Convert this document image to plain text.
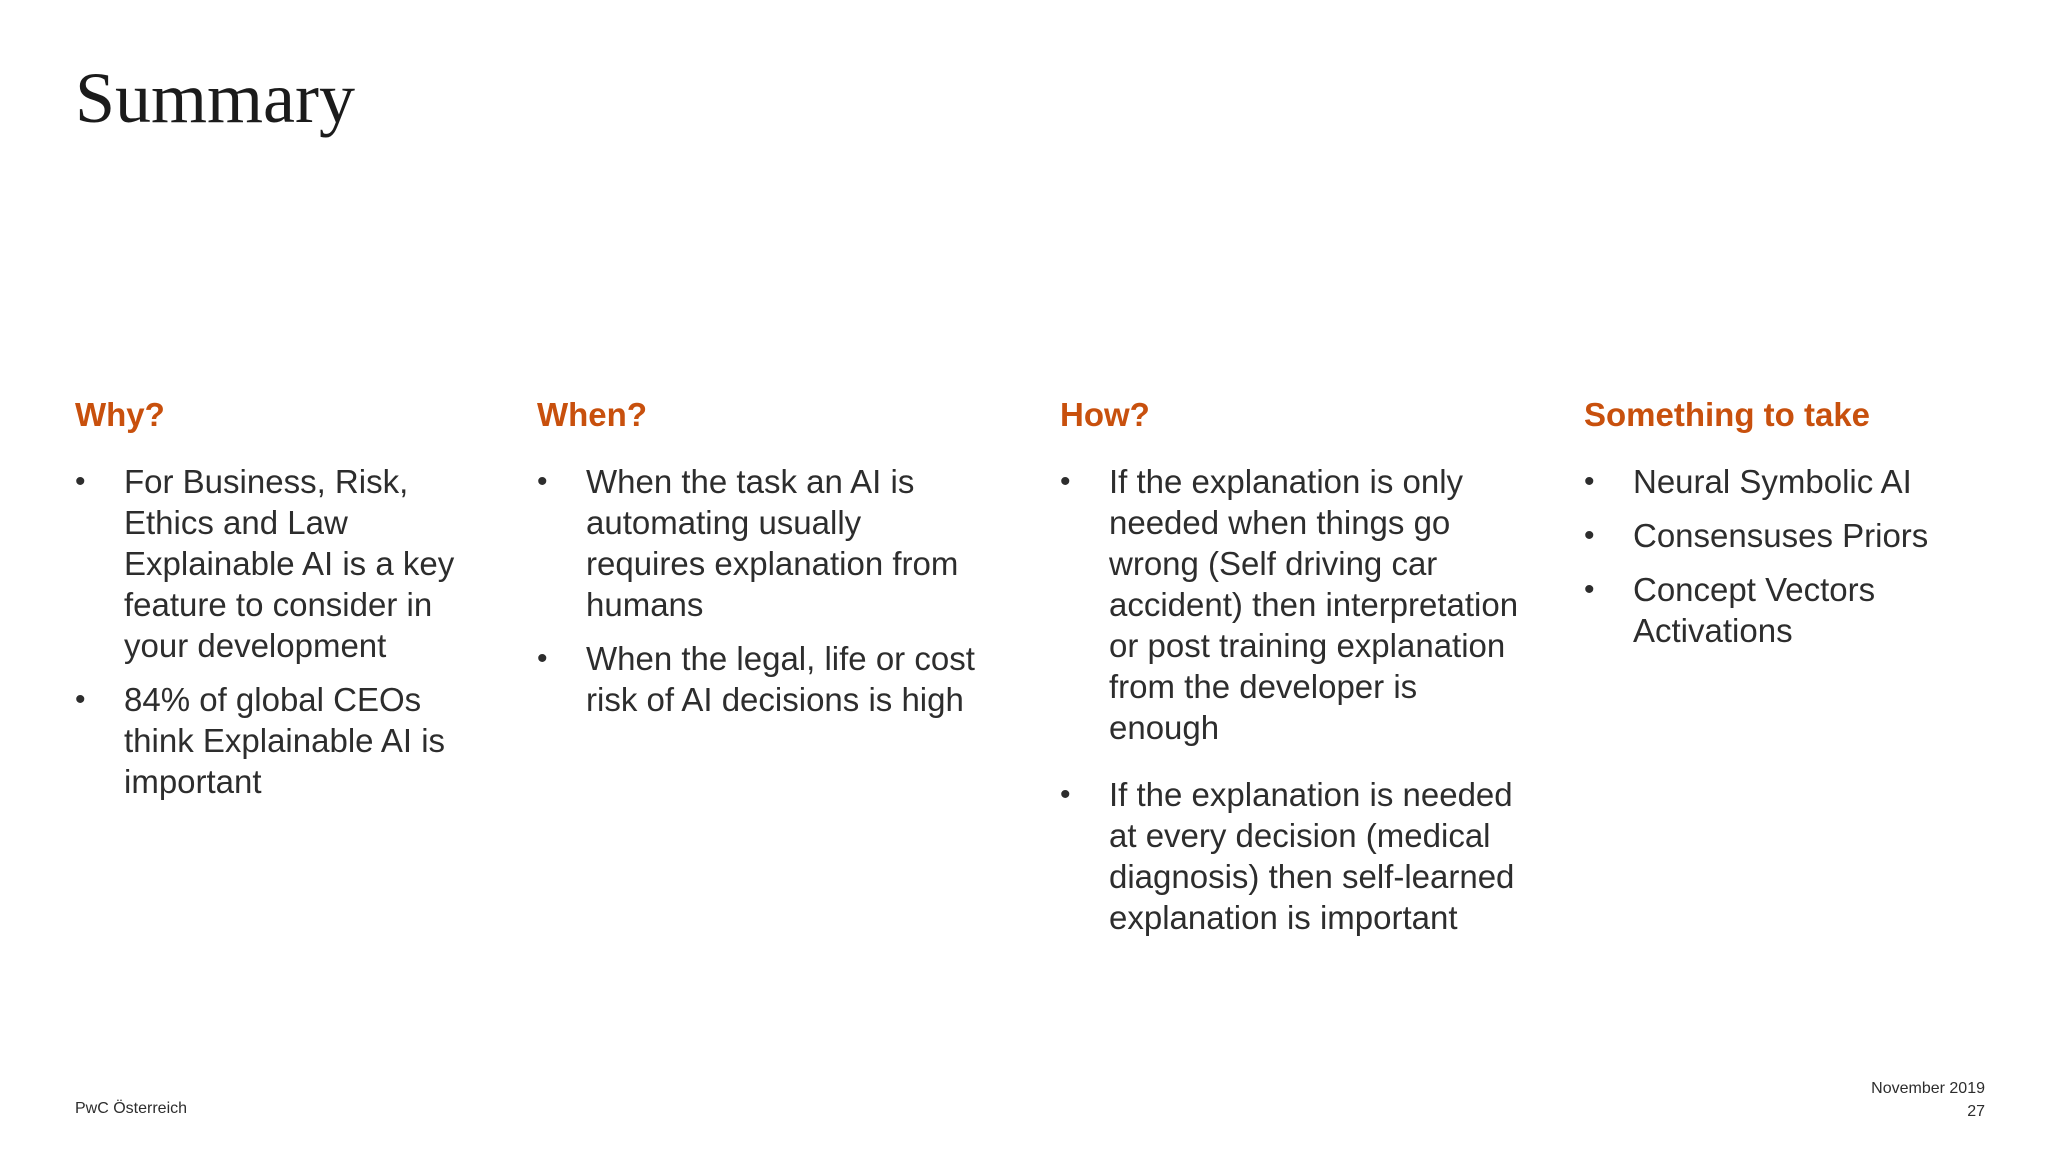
Summary
Why?
• For Business, Risk, Ethics and Law Explainable AI is a key feature to consider in your development
• 84% of global CEOs think Explainable AI is important
When?
• When the task an AI is automating usually requires explanation from humans
• When the legal, life or cost risk of AI decisions is high
How?
• If the explanation is only needed when things go wrong (Self driving car accident) then interpretation or post training explanation from the developer is enough
• If the explanation is needed at every decision (medical diagnosis) then self-learned explanation is important
Something to take
• Neural Symbolic AI
• Consensuses Priors
• Concept Vectors Activations
PwC Österreich
November 2019
27
